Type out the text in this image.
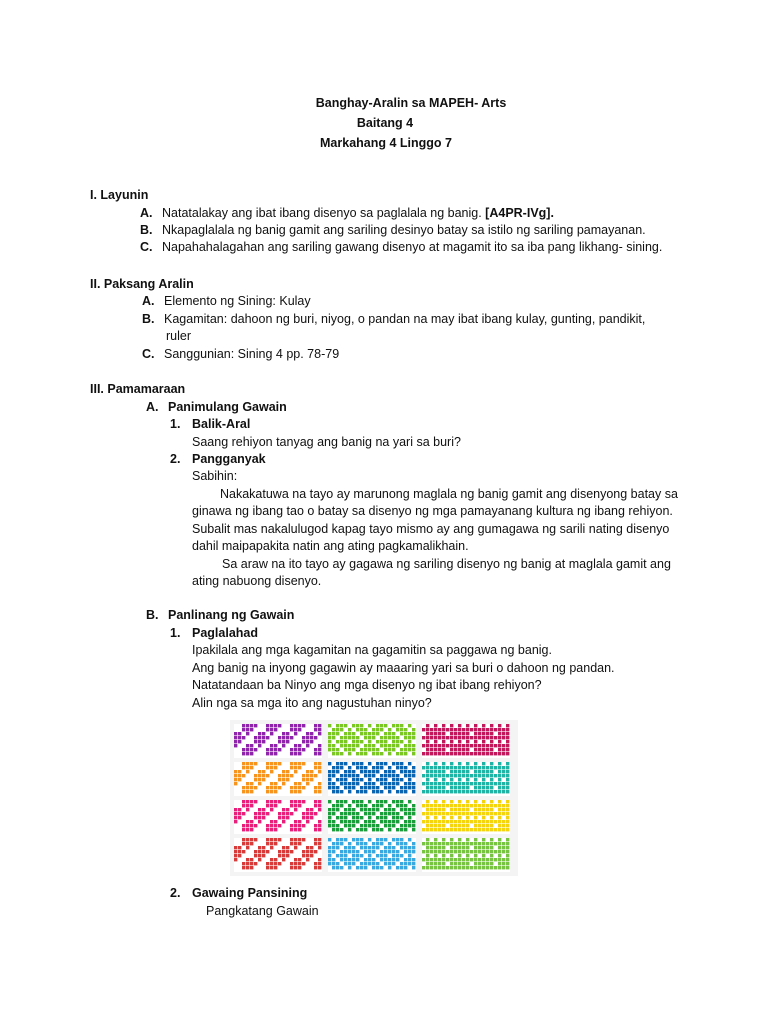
Banghay-Aralin sa MAPEH- Arts
Baitang 4
Markahang 4 Linggo 7
I. Layunin
A. Natatalakay ang ibat ibang disenyo sa paglalala ng banig. [A4PR-IVg].
B. Nkapaglalala ng banig gamit ang sariling desinyo batay sa istilo ng sariling pamayanan.
C. Napahahalagahan ang sariling gawang disenyo at magamit ito sa iba pang likhang- sining.
II. Paksang Aralin
A. Elemento ng Sining: Kulay
B. Kagamitan: dahoon ng buri, niyog, o pandan na may ibat ibang kulay, gunting, pandikit,
ruler
C. Sanggunian: Sining 4 pp. 78-79
III. Pamamaraan
A. Panimulang Gawain
1. Balik-Aral
Saang rehiyon tanyag ang banig na yari sa buri?
2. Pangganyak
Sabihin:
Nakakatuwa na tayo ay marunong maglala ng banig gamit ang disenyong batay sa
ginawa ng ibang tao o batay sa disenyo ng mga pamayanang kultura ng ibang rehiyon.
Subalit mas nakalulugod kapag tayo mismo ay ang gumagawa ng sarili nating disenyo
dahil maipapakita natin ang ating pagkamalikhain.
Sa araw na ito tayo ay gagawa ng sariling disenyo ng banig at maglala gamit ang
ating nabuong disenyo.
B. Panlinang ng Gawain
1. Paglalahad
Ipakilala ang mga kagamitan na gagamitin sa paggawa ng banig.
Ang banig na inyong gagawin ay maaaring yari sa buri o dahoon ng pandan.
Natatandaan ba Ninyo ang mga disenyo ng ibat ibang rehiyon?
Alin nga sa mga ito ang nagustuhan ninyo?
2. Gawaing Pansining
Pangkatang Gawain
